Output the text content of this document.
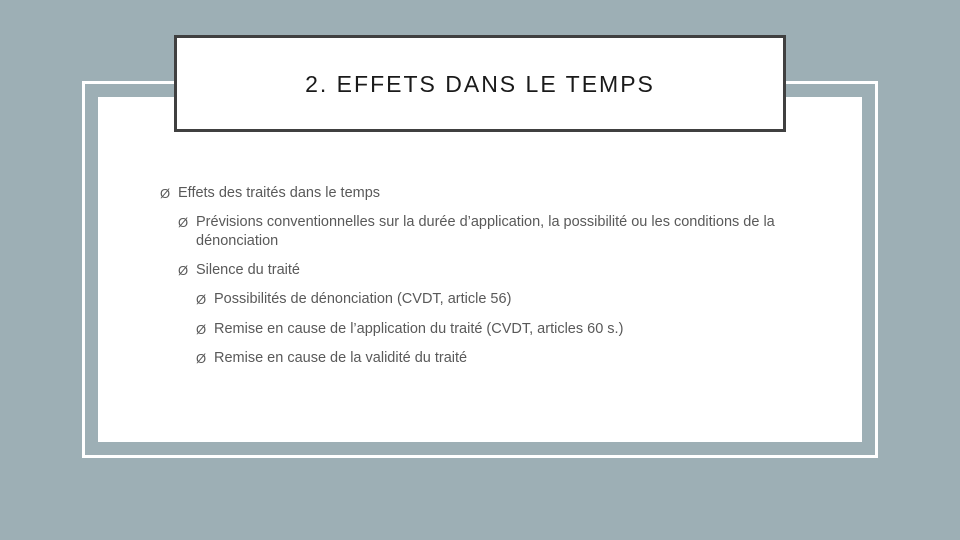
2. EFFETS DANS LE TEMPS
Ø Effets des traités dans le temps
Ø Prévisions conventionnelles sur la durée d’application, la possibilité ou les conditions de la dénonciation
Ø Silence du traité
Ø Possibilités de dénonciation (CVDT, article 56)
Ø Remise en cause de l’application du traité (CVDT, articles 60 s.)
Ø Remise en cause de la validité du traité
